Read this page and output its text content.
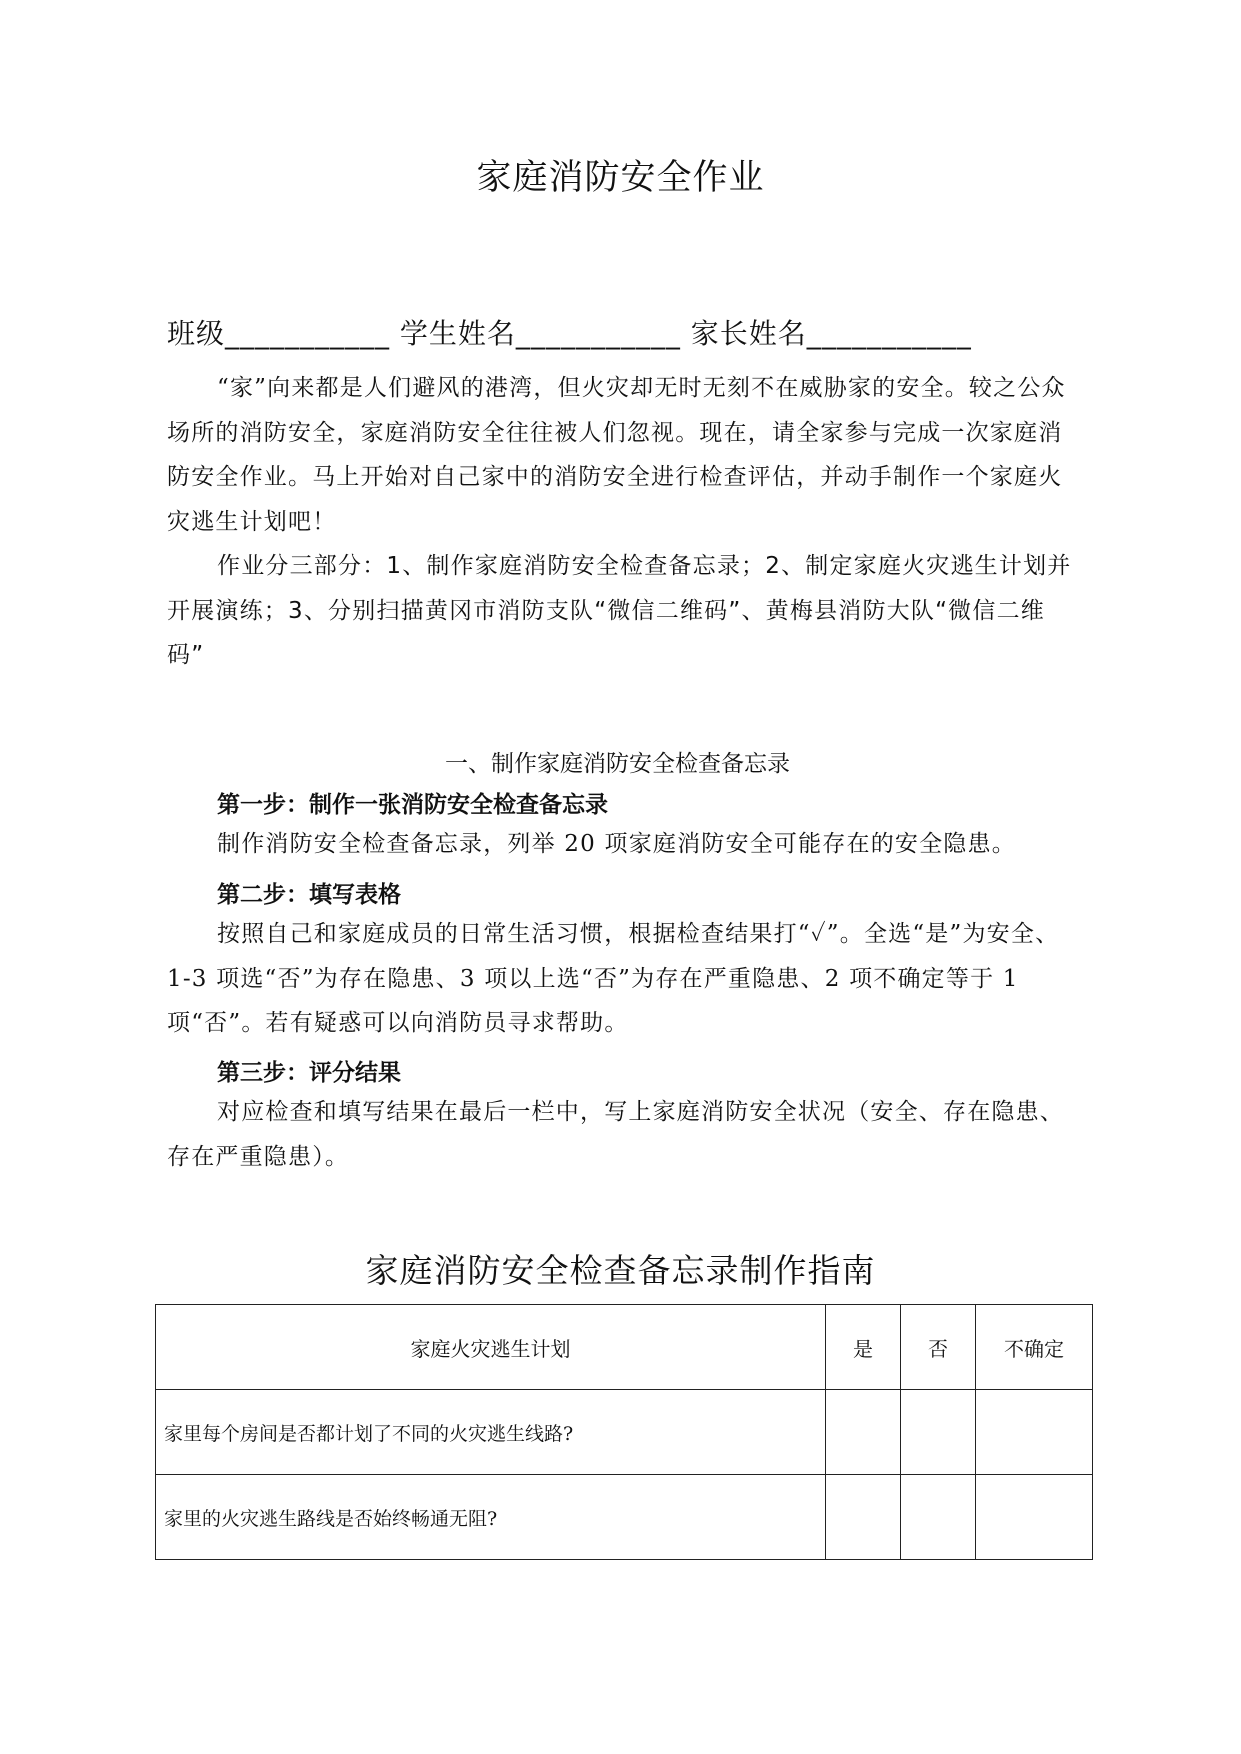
家庭消防安全作业
班级___________ 学生姓名___________ 家长姓名___________

“家”向来都是人们避风的港湾，但火灾却无时无刻不在威胁家的安全。较之公众场所的消防安全，家庭消防安全往往被人们忽视。现在，请全家参与完成一次家庭消防安全作业。马上开始对自己家中的消防安全进行检查评估，并动手制作一个家庭火灾逃生计划吧！

作业分三部分：1、制作家庭消防安全检查备忘录；2、制定家庭火灾逃生计划并开展演练；3、分别扫描黄冈市消防支队“微信二维码”、黄梅县消防大队“微信二维码”

一、制作家庭消防安全检查备忘录
第一步：制作一张消防安全检查备忘录

制作消防安全检查备忘录，列举 20 项家庭消防安全可能存在的安全隐患。

第二步：填写表格

按照自己和家庭成员的日常生活习惯，根据检查结果打“✓”。全选“是”为安全、1-3 项选“否”为存在隐患、3 项以上选“否”为存在严重隐患、2 项不确定等于 1 项“否”。若有疑惑可以向消防员寻求帮助。

第三步：评分结果

对应检查和填写结果在最后一栏中，写上家庭消防安全状况（安全、存在隐患、存在严重隐患）。

家庭消防安全检查备忘录制作指南
家庭火灾逃生计划	是	否	不确定
家里每个房间是否都计划了不同的火灾逃生线路?			
家里的火灾逃生路线是否始终畅通无阻?			
